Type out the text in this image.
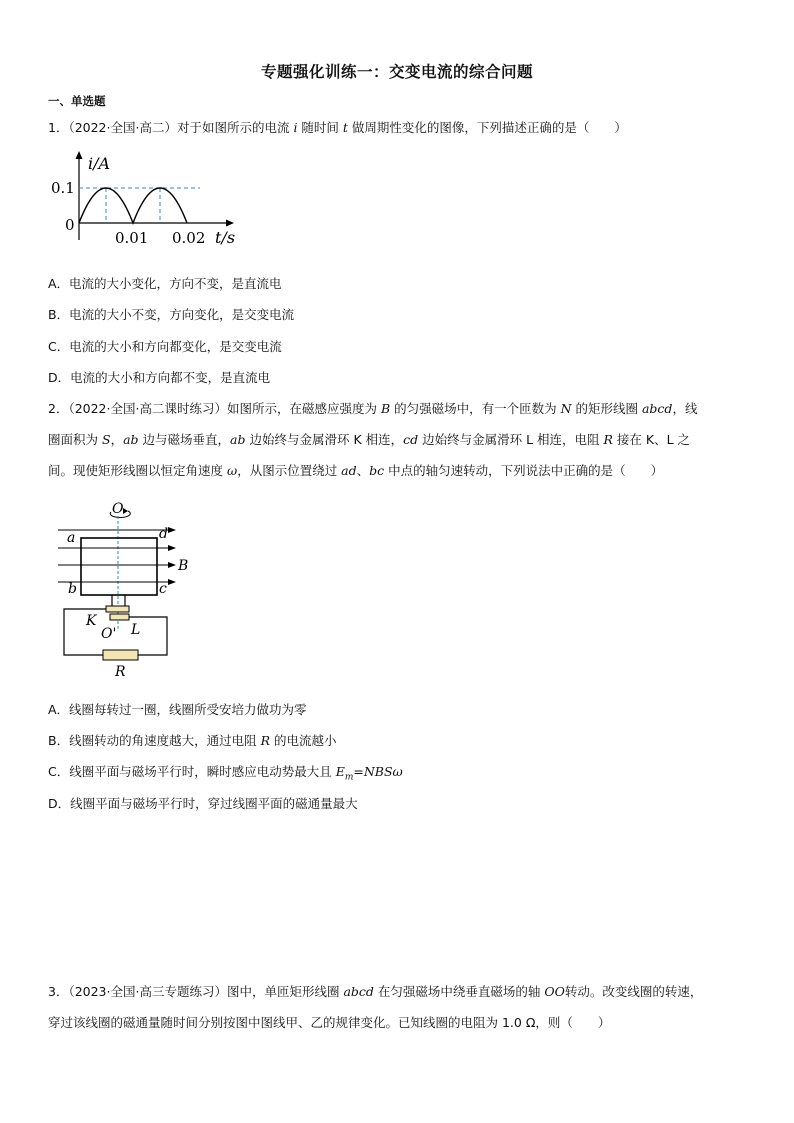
专题强化训练一：交变电流的综合问题
一、单选题
1．（2022·全国·高二）对于如图所示的电流 i 随时间 t 做周期性变化的图像，下列描述正确的是（　　）
i/A
0.1
0
0.01 0.02 t/s
A．电流的大小变化，方向不变，是直流电
B．电流的大小不变，方向变化，是交变电流
C．电流的大小和方向都变化，是交变电流
D．电流的大小和方向都不变，是直流电
2．（2022·全国·高二课时练习）如图所示，在磁感应强度为 B 的匀强磁场中，有一个匝数为 N 的矩形线圈 abcd，线
圈面积为 S，ab 边与磁场垂直，ab 边始终与金属滑环 K 相连，cd 边始终与金属滑环 L 相连，电阻 R 接在 K、L 之
间。现使矩形线圈以恒定角速度 ω，从图示位置绕过 ad、bc 中点的轴匀速转动，下列说法中正确的是（　　）
O
a	d
B
b	c
K
L
O'
R
A．线圈每转过一圈，线圈所受安培力做功为零
B．线圈转动的角速度越大，通过电阻 R 的电流越小
C．线圈平面与磁场平行时，瞬时感应电动势最大且 $E_m=NBS\omega$
D．线圈平面与磁场平行时，穿过线圈平面的磁通量最大
3．（2023·全国·高三专题练习）图中，单匝矩形线圈 abcd 在匀强磁场中绕垂直磁场的轴 OO转动。改变线圈的转速，
穿过该线圈的磁通量随时间分别按图中图线甲、乙的规律变化。已知线圈的电阻为 1.0 Ω，则（　　）
